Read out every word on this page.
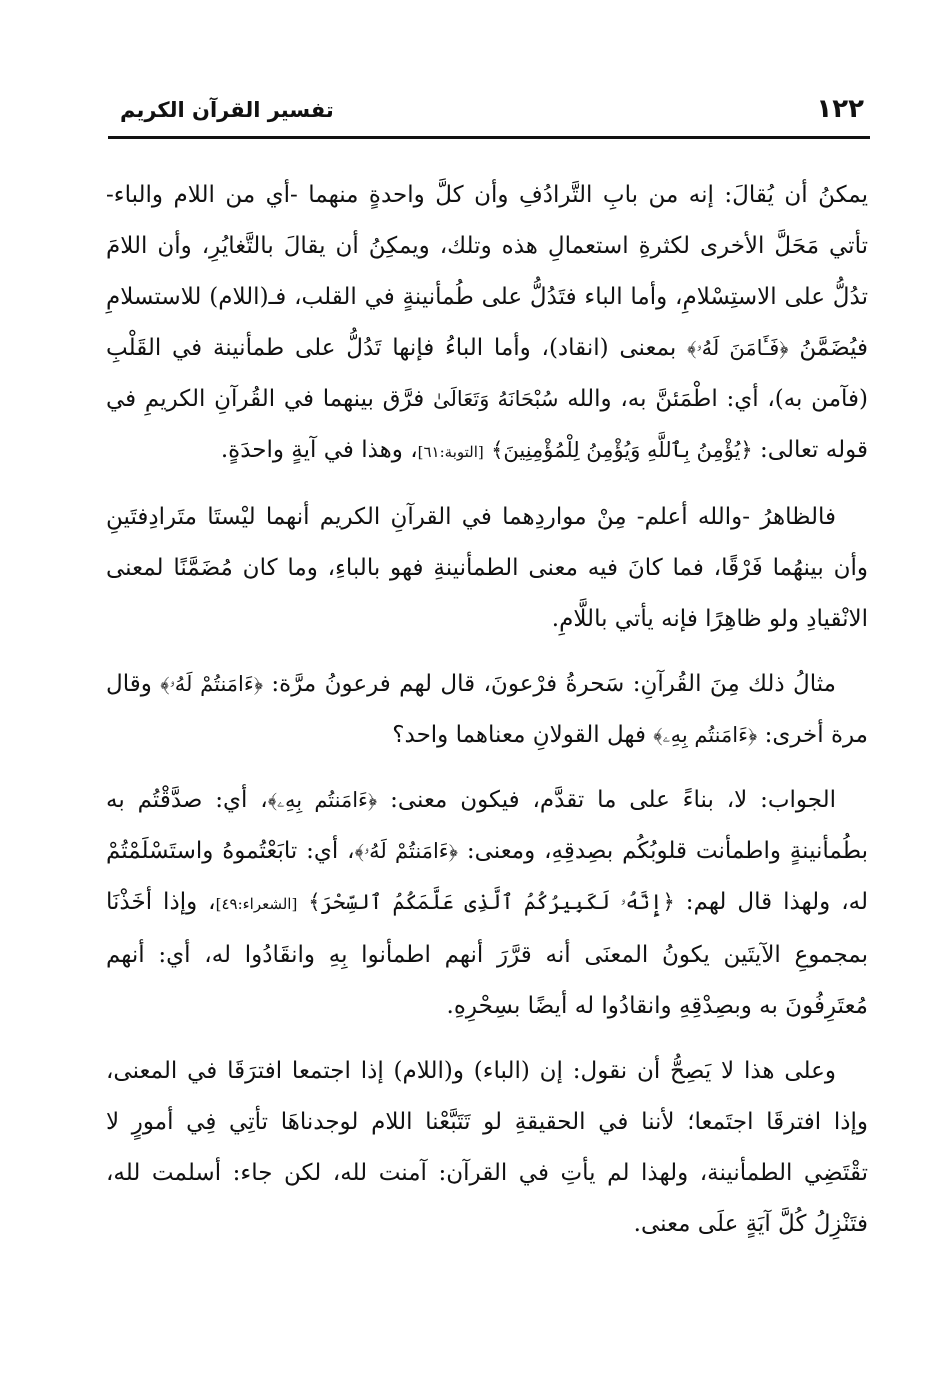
١٢٢
تفسير القرآن الكريم

يمكنُ أن يُقالَ: إنه من بابِ التَّرادُفِ وأن كلَّ واحدةٍ منهما -أي من اللام والباء- تأتي مَحَلَّ الأخرى لكثرةِ استعمالِ هذه وتلك، ويمكِنُ أن يقالَ بالتَّغايُرِ، وأن اللامَ تدُلُّ على الاستِسْلامِ، وأما الباء فتَدُلُّ على طُمأنينةٍ في القلب، فـ(اللام) للاستسلامِ فيُضَمَّنُ ﴿فَـَٔامَنَ لَهُۥ﴾ بمعنى (انقاد)، وأما الباءُ فإنها تَدُلُّ على طمأنينة في القَلْبِ (فآمن به)، أي: اطْمَئنَّ به، والله سُبْحَانَهُ وَتَعَالَىٰ فرَّق بينهما في القُرآنِ الكريمِ في قوله تعالى: ﴿يُؤْمِنُ بِٱللَّهِ وَيُؤْمِنُ لِلْمُؤْمِنِينَ﴾ [التوبة:٦١]، وهذا في آيةٍ واحدَةٍ.

فالظاهرُ -والله أعلم- مِنْ مواردِهما في القرآنِ الكريم أنهما ليْستَا متَرادِفتَينِ وأن بينهُما فَرْقًا، فما كانَ فيه معنى الطمأنينةِ فهو بالباءِ، وما كان مُضَمَّنًا لمعنى الانْقيادِ ولو ظاهِرًا فإنه يأتي باللَّامِ.

مثالُ ذلك مِنَ القُرآنِ: سَحرةُ فرْعونَ، قال لهم فرعونُ مرَّة: ﴿ءَامَنتُمْ لَهُۥ﴾ وقال مرة أخرى: ﴿ءَامَنتُم بِهِۦ﴾ فهل القولانِ معناهما واحد؟

الجواب: لا، بناءً على ما تقدَّم، فيكون معنى: ﴿ءَامَنتُم بِهِۦ﴾، أي: صدَّقْتُم به بطُمأنينةٍ واطمأنت قلوبُكُم بصِدقِهِ، ومعنى: ﴿ءَامَنتُمْ لَهُۥ﴾، أي: تابَعْتُموهُ واستَسْلَمْتُمْ له، ولهذا قال لهم: ﴿إِنَّهُۥ لَكَبِيرُكُمُ ٱلَّذِى عَلَّمَكُمُ ٱلسِّحْرَ﴾ [الشعراء:٤٩]، وإذا أخَذْنَا بمجموعِ الآيتَين يكونُ المعنَى أنه قرَّرَ أنهم اطمأنوا بِهِ وانقَادُوا له، أي: أنهم مُعتَرِفُونَ به وبصِدْقِهِ وانقادُوا له أيضًا بسِحْرِهِ.

وعلى هذا لا يَصِحُّ أن نقول: إن (الباء) و(اللام) إذا اجتمعا افترَقَا في المعنى، وإذا افترقَا اجتَمعا؛ لأننا في الحقيقةِ لو تَتَبَّعْنا اللام لوجدناهَا تأتِي فِي أمورٍ لا تقْتَضِي الطمأنينة، ولهذا لم يأتِ في القرآن: آمنت لله، لكن جاء: أسلمت لله، فتَنْزِلُ كُلَّ آيَةٍ علَى معنى.
